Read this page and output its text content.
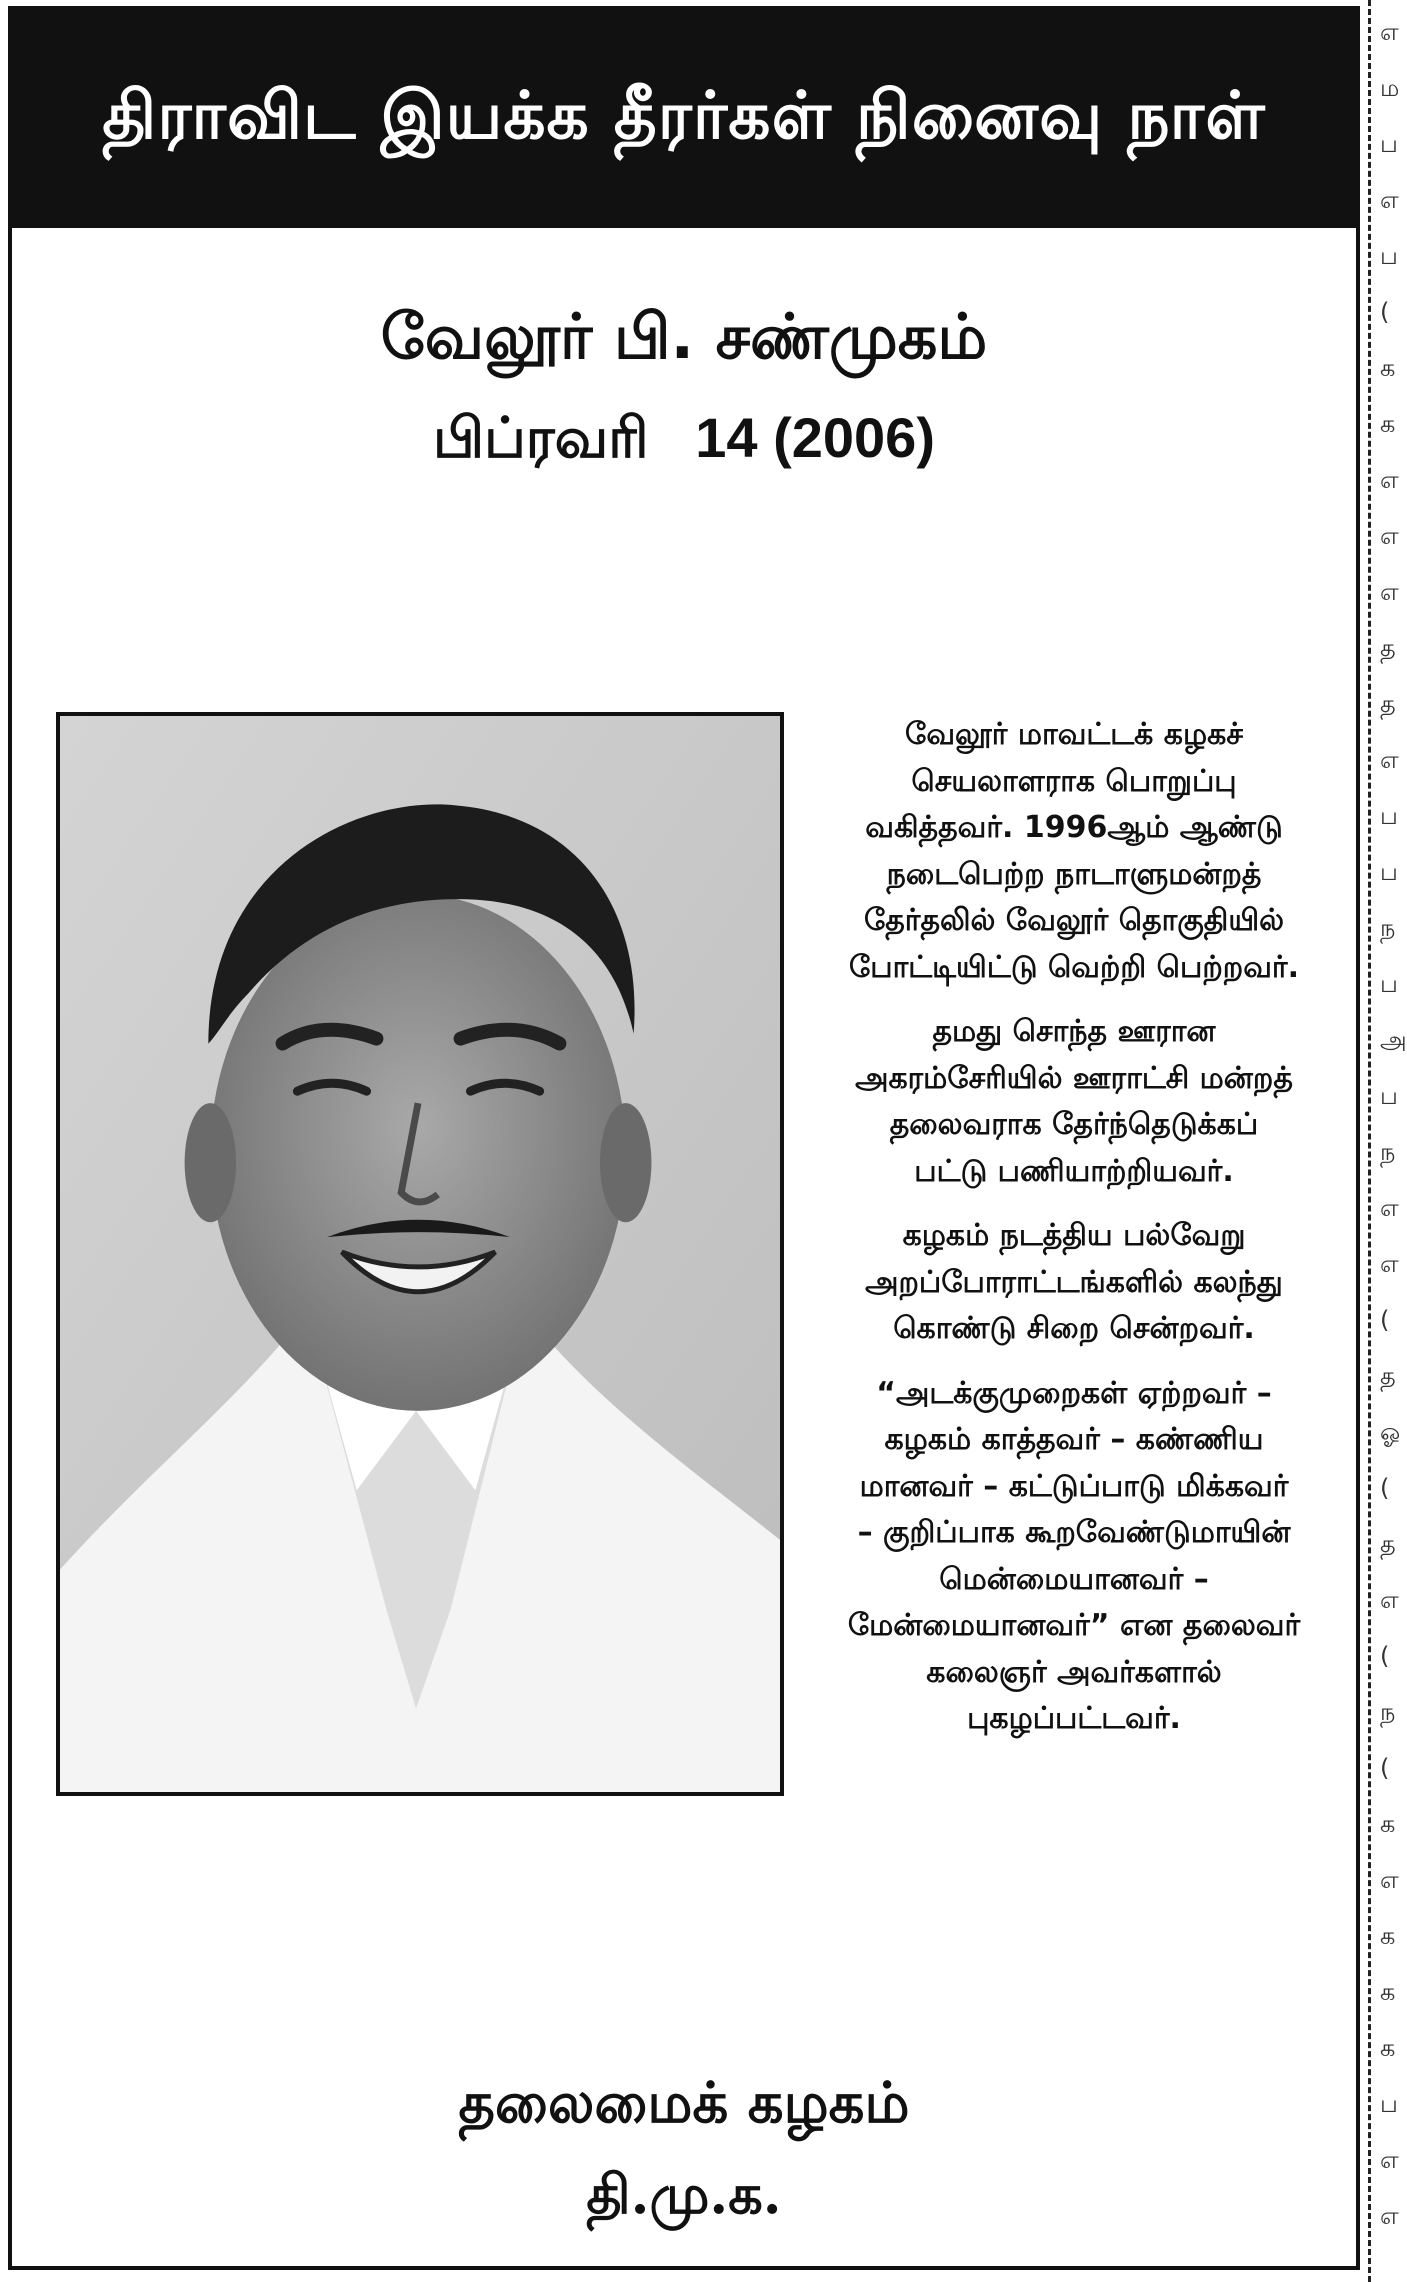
திராவிட இயக்க தீரர்கள் நினைவு நாள்
வேலூர் பி. சண்முகம்
பிப்ரவரி   14 (2006)
வேலூர் மாவட்டக் கழகச்
செயலாளராக பொறுப்பு
வகித்தவர். 1996ஆம் ஆண்டு
நடைபெற்ற நாடாளுமன்றத்
தேர்தலில் வேலூர் தொகுதியில்
போட்டியிட்டு வெற்றி பெற்றவர்.
தமது சொந்த ஊரான
அகரம்சேரியில் ஊராட்சி மன்றத்
தலைவராக தேர்ந்தெடுக்கப்
பட்டு பணியாற்றியவர்.
கழகம் நடத்திய பல்வேறு
அறப்போராட்டங்களில் கலந்து
கொண்டு சிறை சென்றவர்.
“அடக்குமுறைகள் ஏற்றவர் –
கழகம் காத்தவர் – கண்ணிய
மானவர் – கட்டுப்பாடு மிக்கவர்
– குறிப்பாக கூறவேண்டுமாயின்
மென்மையானவர் –
மேன்மையானவர்” என தலைவர்
கலைஞர் அவர்களால்
புகழப்பட்டவர்.
தலைமைக் கழகம்
தி.மு.க.
எ
ம
ப
எ
ப
(
க
க
எ
எ
எ
த
த
எ
ப
ப
ந
ப
அ
ப
ந
எ
எ
(
த
ஓ
(
த
எ
(
ந
(
க
எ
க
க
க
ப
எ
எ
